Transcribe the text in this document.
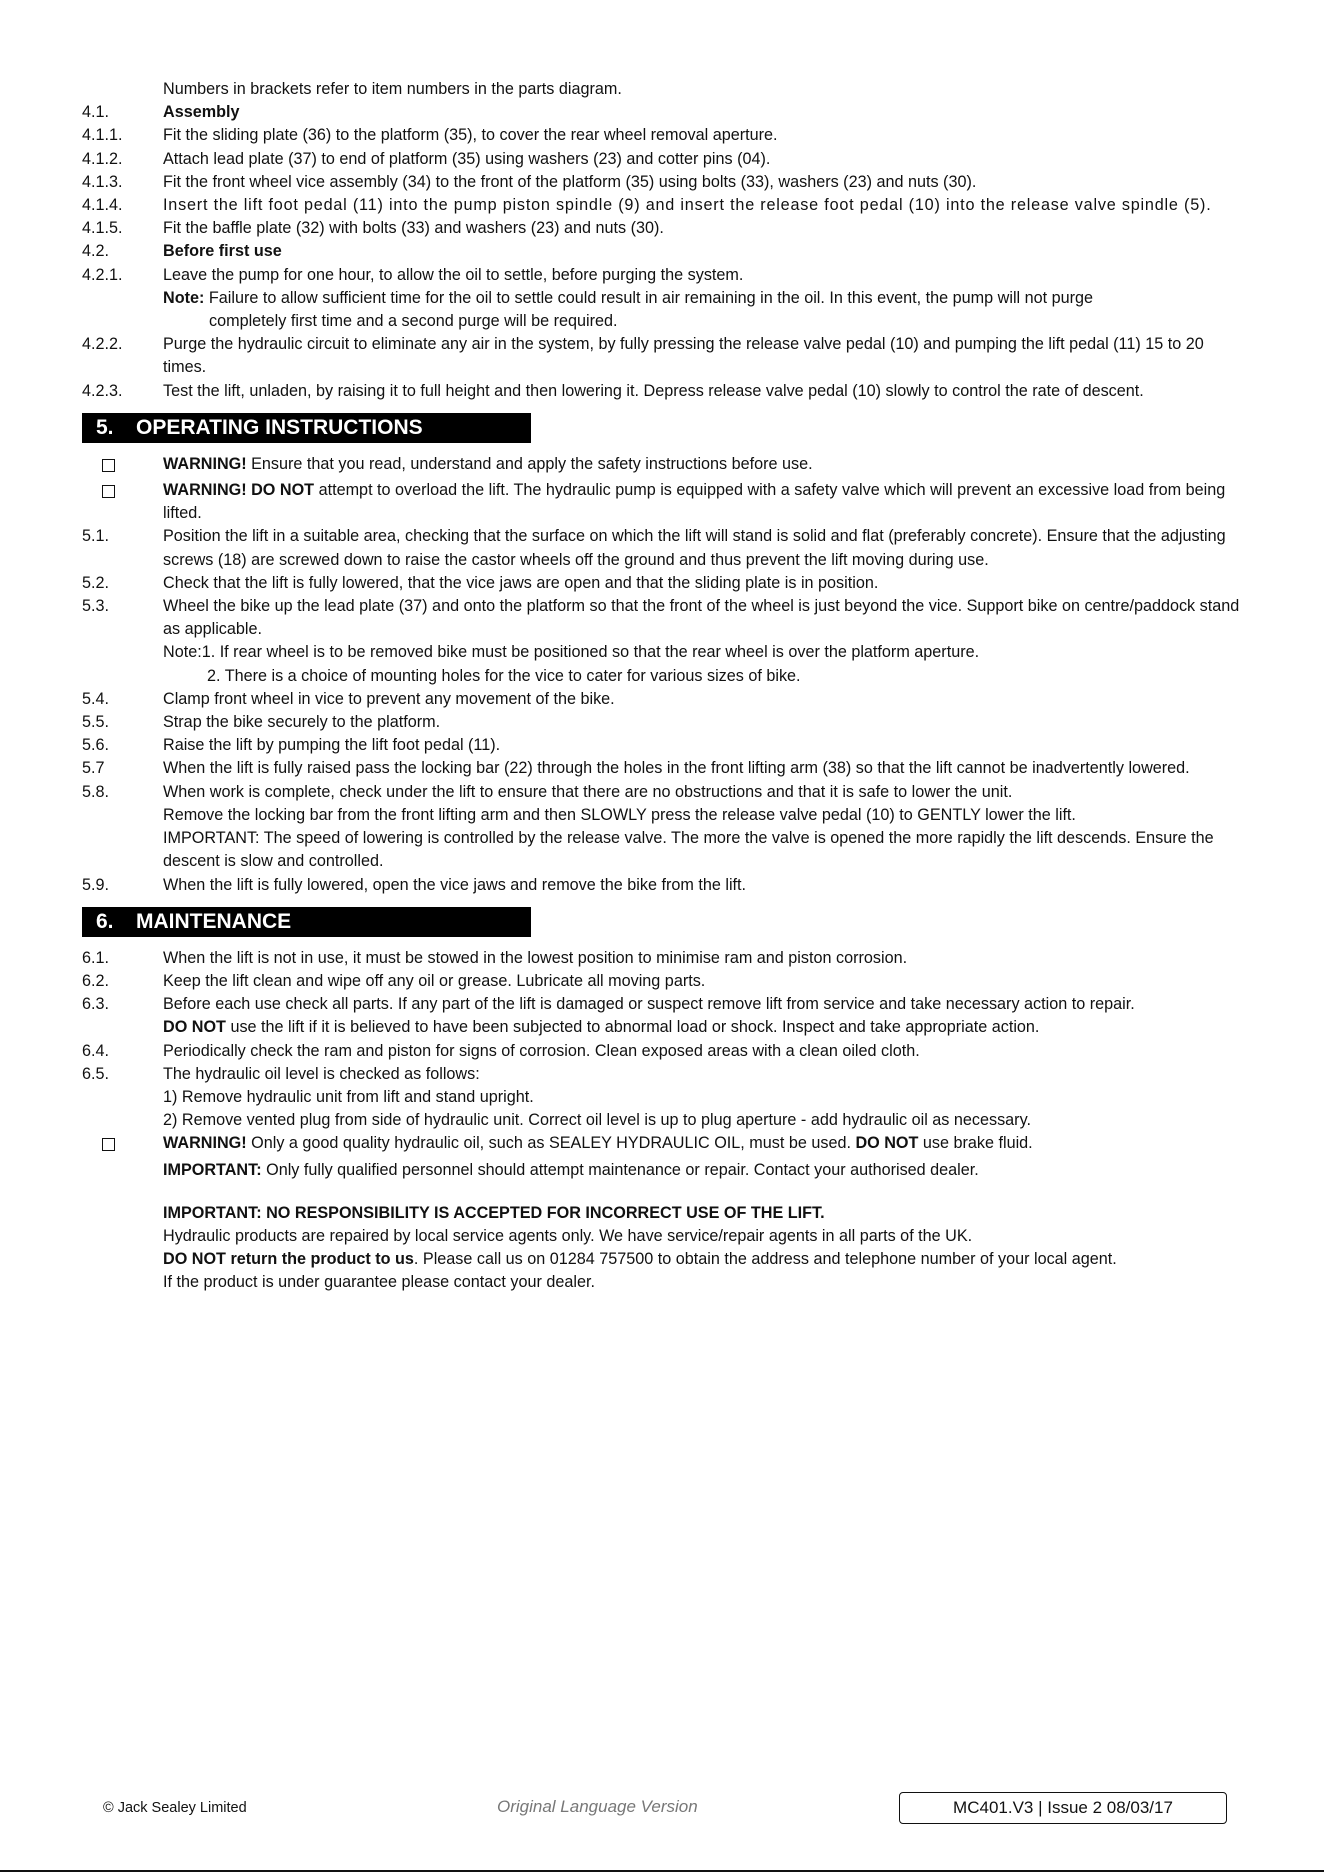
Numbers in brackets refer to item numbers in the parts diagram.
4.1.	Assembly
4.1.1.	Fit the sliding plate (36) to the platform (35), to cover the rear wheel removal aperture.
4.1.2.	Attach lead plate (37) to end of platform (35) using washers (23) and cotter pins (04).
4.1.3.	Fit the front wheel vice assembly (34) to the front of the platform (35) using bolts (33), washers (23) and nuts (30).
4.1.4.	Insert the lift foot pedal (11) into the pump piston spindle (9) and insert the release foot pedal (10) into the release valve spindle (5).
4.1.5.	Fit the baffle plate (32) with bolts (33) and washers (23) and nuts (30).
4.2.	Before first use
4.2.1.	Leave the pump for one hour, to allow the oil to settle, before purging the system.
Note: Failure to allow sufficient time for the oil to settle could result in air remaining in the oil. In this event, the pump will not purge
completely first time and a second purge will be required.
4.2.2.	Purge the hydraulic circuit to eliminate any air in the system, by fully pressing the release valve pedal (10) and pumping the lift pedal (11) 15 to 20 times.
4.2.3.	Test the lift, unladen, by raising it to full height and then lowering it. Depress release valve pedal (10) slowly to control the rate of descent.
5. OPERATING INSTRUCTIONS
WARNING! Ensure that you read, understand and apply the safety instructions before use.
WARNING! DO NOT attempt to overload the lift. The hydraulic pump is equipped with a safety valve which will prevent an excessive load from being lifted.
5.1.	Position the lift in a suitable area, checking that the surface on which the lift will stand is solid and flat (preferably concrete). Ensure that the adjusting screws (18) are screwed down to raise the castor wheels off the ground and thus prevent the lift moving during use.
5.2.	Check that the lift is fully lowered, that the vice jaws are open and that the sliding plate is in position.
5.3.	Wheel the bike up the lead plate (37) and onto the platform so that the front of the wheel is just beyond the vice. Support bike on centre/paddock stand as applicable.
Note:1. If rear wheel is to be removed bike must be positioned so that the rear wheel is over the platform aperture.
2. There is a choice of mounting holes for the vice to cater for various sizes of bike.
5.4.	Clamp front wheel in vice to prevent any movement of the bike.
5.5.	Strap the bike securely to the platform.
5.6.	Raise the lift by pumping the lift foot pedal (11).
5.7	When the lift is fully raised pass the locking bar (22) through the holes in the front lifting arm (38) so that the lift cannot be inadvertently lowered.
5.8.	When work is complete, check under the lift to ensure that there are no obstructions and that it is safe to lower the unit.
Remove the locking bar from the front lifting arm and then SLOWLY press the release valve pedal (10) to GENTLY lower the lift.
IMPORTANT: The speed of lowering is controlled by the release valve. The more the valve is opened the more rapidly the lift descends. Ensure the descent is slow and controlled.
5.9.	When the lift is fully lowered, open the vice jaws and remove the bike from the lift.
6. MAINTENANCE
6.1.	When the lift is not in use, it must be stowed in the lowest position to minimise ram and piston corrosion.
6.2.	Keep the lift clean and wipe off any oil or grease. Lubricate all moving parts.
6.3.	Before each use check all parts. If any part of the lift is damaged or suspect remove lift from service and take necessary action to repair.
DO NOT use the lift if it is believed to have been subjected to abnormal load or shock. Inspect and take appropriate action.
6.4.	Periodically check the ram and piston for signs of corrosion. Clean exposed areas with a clean oiled cloth.
6.5.	The hydraulic oil level is checked as follows:
1) Remove hydraulic unit from lift and stand upright.
2) Remove vented plug from side of hydraulic unit. Correct oil level is up to plug aperture - add hydraulic oil as necessary.
WARNING! Only a good quality hydraulic oil, such as SEALEY HYDRAULIC OIL, must be used. DO NOT use brake fluid.
IMPORTANT: Only fully qualified personnel should attempt maintenance or repair. Contact your authorised dealer.
IMPORTANT: NO RESPONSIBILITY IS ACCEPTED FOR INCORRECT USE OF THE LIFT.
Hydraulic products are repaired by local service agents only. We have service/repair agents in all parts of the UK.
DO NOT return the product to us. Please call us on 01284 757500 to obtain the address and telephone number of your local agent.
If the product is under guarantee please contact your dealer.
© Jack Sealey Limited	Original Language Version	MC401.V3 | Issue 2 08/03/17
